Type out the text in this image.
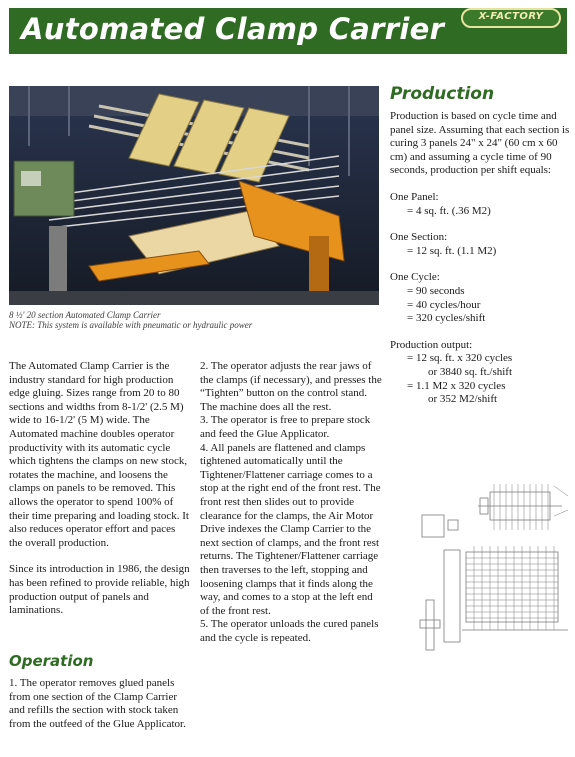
Automated Clamp Carrier	X-FACTORY
8 ½' 20 section Automated Clamp Carrier
NOTE: This system is available with pneumatic or hydraulic power
Production

Production is based on cycle time and panel size. Assuming that each section is curing 3 panels 24" x 24" (60 cm x 60 cm) and assuming a cycle time of 90 seconds, production per shift equals:

One Panel:
= 4 sq. ft. (.36 M2)

One Section:
= 12 sq. ft. (1.1 M2)

One Cycle:
= 90 seconds
= 40 cycles/hour
= 320 cycles/shift

Production output:
= 12 sq. ft. x 320 cycles
or 3840 sq. ft./shift
= 1.1 M2 x 320 cycles
or 352 M2/shift

The Automated Clamp Carrier is the industry standard for high production edge gluing. Sizes range from 20 to 80 sections and widths from 8-1/2' (2.5 M) wide to 16-1/2' (5 M) wide. The Automated machine doubles operator productivity with its automatic cycle which tightens the clamps on new stock, rotates the machine, and loosens the clamps on panels to be removed. This allows the operator to spend 100% of their time preparing and loading stock. It also reduces operator effort and paces the overall production.

Since its introduction in 1986, the design has been refined to provide reliable, high production output of panels and laminations.

Operation
1. The operator removes glued panels from one section of the Clamp Carrier and refills the section with stock taken from the outfeed of the Glue Applicator.
2. The operator adjusts the rear jaws of the clamps (if necessary), and presses the “Tighten” button on the control stand. The machine does all the rest.
3. The operator is free to prepare stock and feed the Glue Applicator.
4. All panels are flattened and clamps tightened automatically until the Tightener/Flattener carriage comes to a stop at the right end of the front rest. The front rest then slides out to provide clearance for the clamps, the Air Motor Drive indexes the Clamp Carrier to the next section of clamps, and the front rest returns. The Tightener/Flattener carriage then traverses to the left, stopping and loosening clamps that it finds along the way, and comes to a stop at the left end of the front rest.
5. The operator unloads the cured panels and the cycle is repeated.
